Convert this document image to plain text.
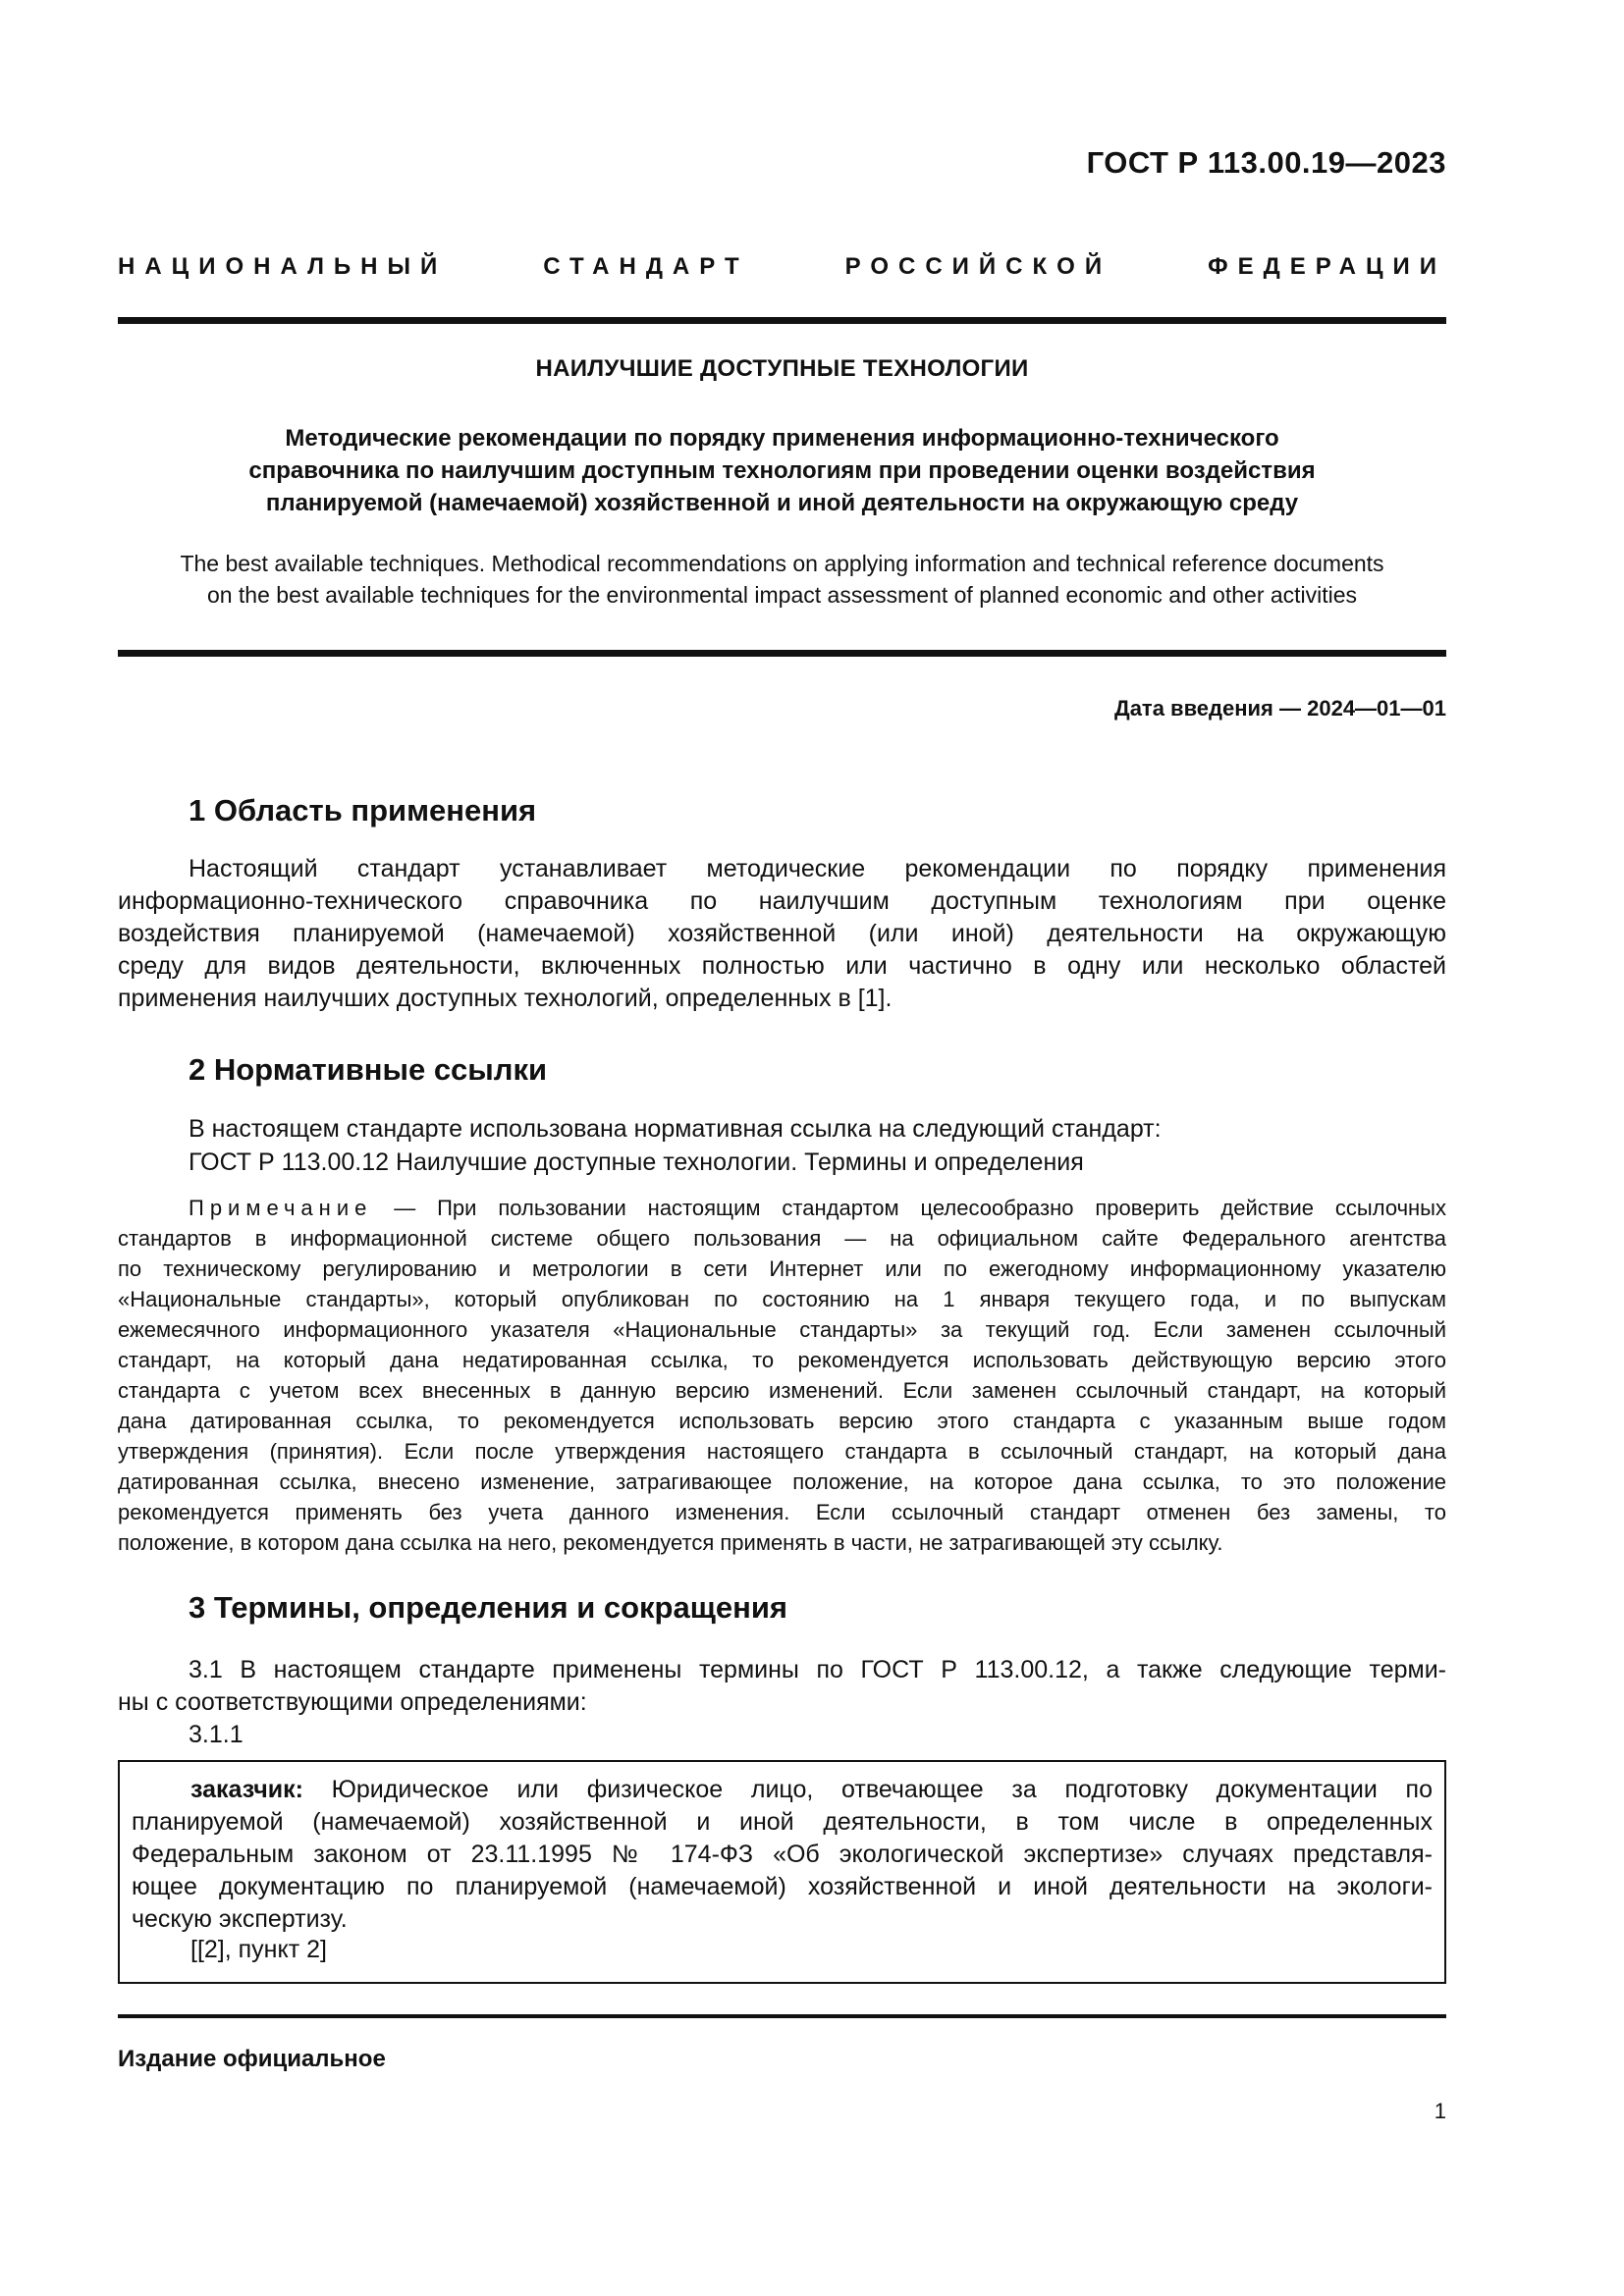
ГОСТ Р 113.00.19—2023
НАЦИОНАЛЬНЫЙ СТАНДАРТ РОССИЙСКОЙ ФЕДЕРАЦИИ
НАИЛУЧШИЕ ДОСТУПНЫЕ ТЕХНОЛОГИИ
Методические рекомендации по порядку применения информационно-технического
справочника по наилучшим доступным технологиям при проведении оценки воздействия
планируемой (намечаемой) хозяйственной и иной деятельности на окружающую среду
The best available techniques. Methodical recommendations on applying information and technical reference documents
on the best available techniques for the environmental impact assessment of planned economic and other activities
Дата введения — 2024—01—01
1 Область применения
Настоящий стандарт устанавливает методические рекомендации по порядку применения
информационно-технического справочника по наилучшим доступным технологиям при оценке
воздействия планируемой (намечаемой) хозяйственной (или иной) деятельности на окружающую
среду для видов деятельности, включенных полностью или частично в одну или несколько областей
применения наилучших доступных технологий, определенных в [1].
2 Нормативные ссылки
В настоящем стандарте использована нормативная ссылка на следующий стандарт:
ГОСТ Р 113.00.12 Наилучшие доступные технологии. Термины и определения
Примечание — При пользовании настоящим стандартом целесообразно проверить действие ссылочных
стандартов в информационной системе общего пользования — на официальном сайте Федерального агентства
по техническому регулированию и метрологии в сети Интернет или по ежегодному информационному указателю
«Национальные стандарты», который опубликован по состоянию на 1 января текущего года, и по выпускам
ежемесячного информационного указателя «Национальные стандарты» за текущий год. Если заменен ссылочный
стандарт, на который дана недатированная ссылка, то рекомендуется использовать действующую версию этого
стандарта с учетом всех внесенных в данную версию изменений. Если заменен ссылочный стандарт, на который
дана датированная ссылка, то рекомендуется использовать версию этого стандарта с указанным выше годом
утверждения (принятия). Если после утверждения настоящего стандарта в ссылочный стандарт, на который дана
датированная ссылка, внесено изменение, затрагивающее положение, на которое дана ссылка, то это положение
рекомендуется применять без учета данного изменения. Если ссылочный стандарт отменен без замены, то
положение, в котором дана ссылка на него, рекомендуется применять в части, не затрагивающей эту ссылку.
3 Термины, определения и сокращения
3.1 В настоящем стандарте применены термины по ГОСТ Р 113.00.12, а также следующие терми-
ны с соответствующими определениями:
3.1.1
заказчик: Юридическое или физическое лицо, отвечающее за подготовку документации по
планируемой (намечаемой) хозяйственной и иной деятельности, в том числе в определенных
Федеральным законом от 23.11.1995 № 174-ФЗ «Об экологической экспертизе» случаях представля-
ющее документацию по планируемой (намечаемой) хозяйственной и иной деятельности на экологи-
ческую экспертизу.
[[2], пункт 2]
Издание официальное
1
